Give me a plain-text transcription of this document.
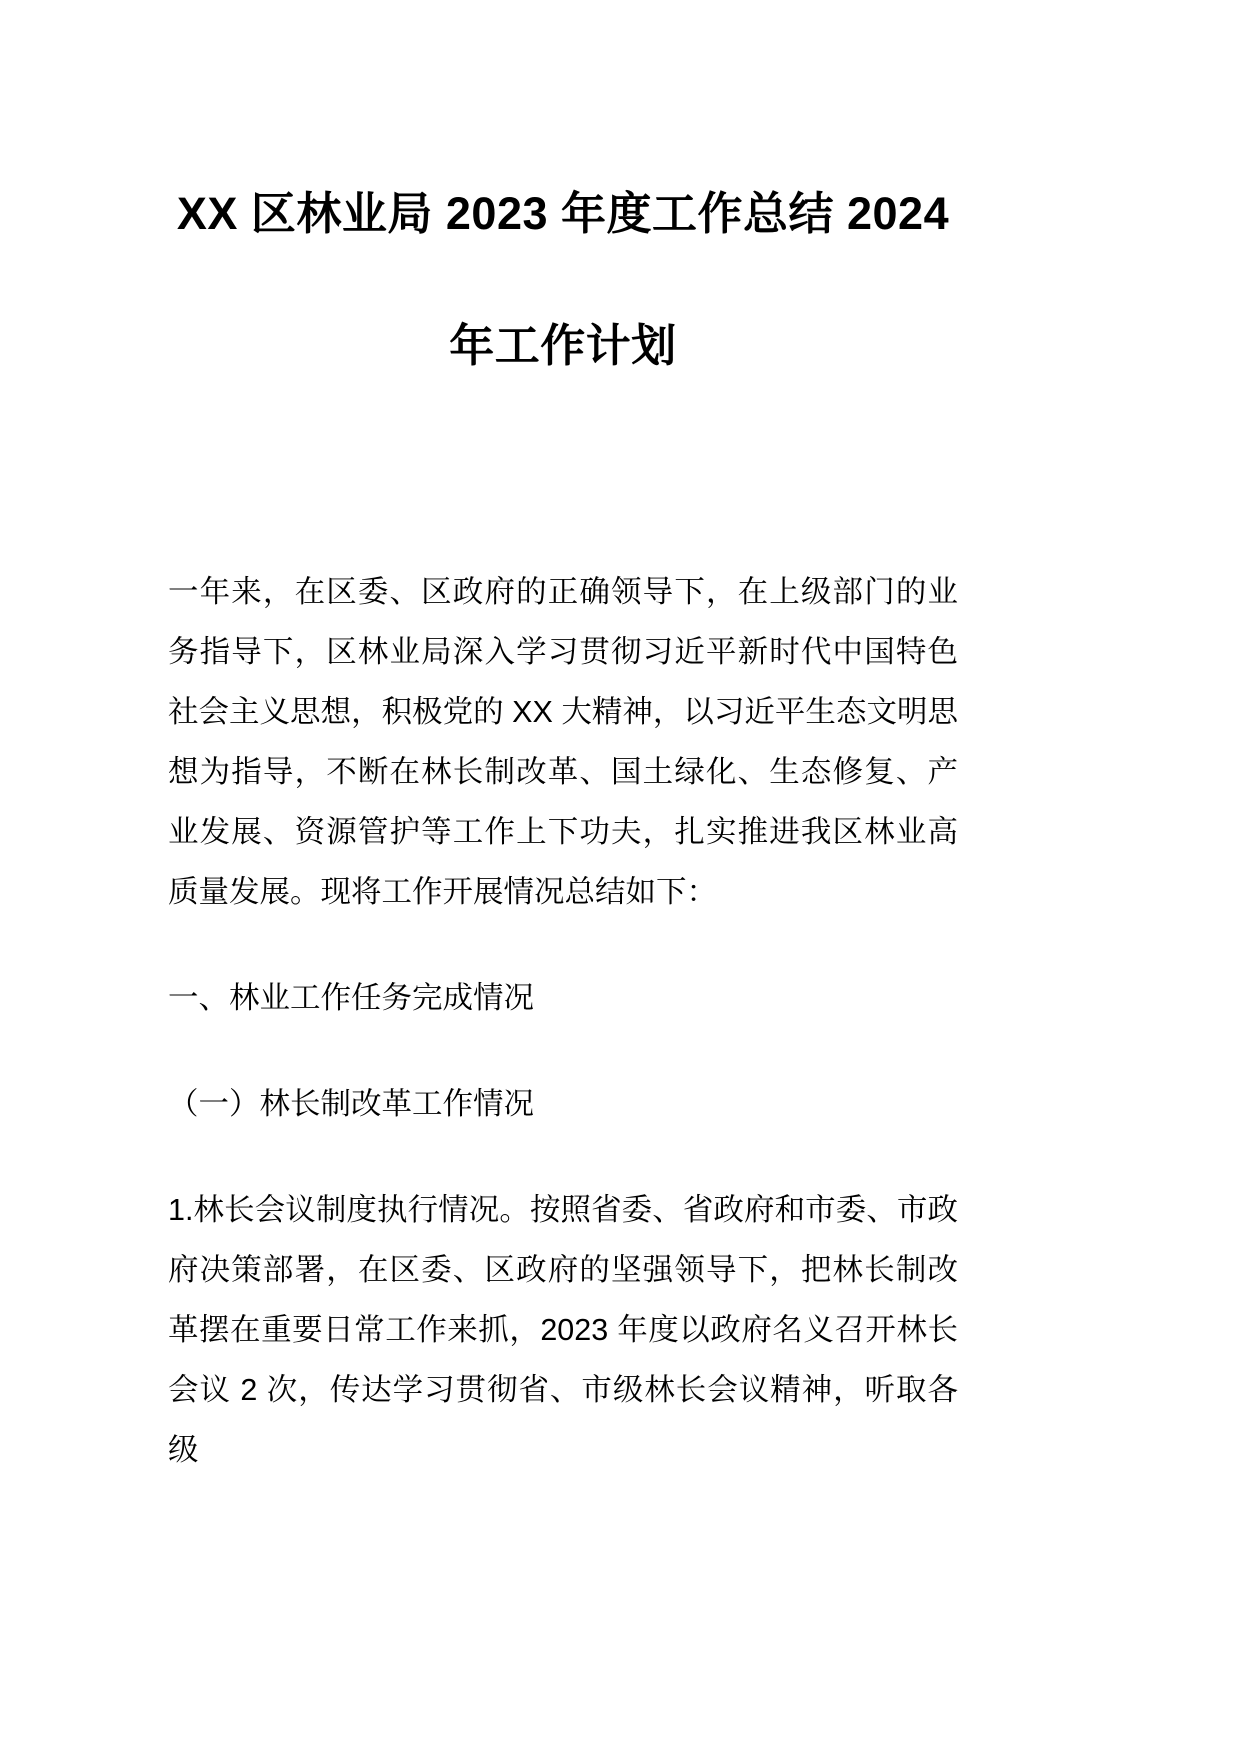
XX 区林业局 2023 年度工作总结 2024 年工作计划

一年来，在区委、区政府的正确领导下，在上级部门的业务指导下，区林业局深入学习贯彻习近平新时代中国特色社会主义思想，积极党的 XX 大精神，以习近平生态文明思想为指导，不断在林长制改革、国土绿化、生态修复、产业发展、资源管护等工作上下功夫，扎实推进我区林业高质量发展。现将工作开展情况总结如下：

一、林业工作任务完成情况

（一）林长制改革工作情况

1.林长会议制度执行情况。按照省委、省政府和市委、市政府决策部署，在区委、区政府的坚强领导下，把林长制改革摆在重要日常工作来抓，2023 年度以政府名义召开林长会议 2 次，传达学习贯彻省、市级林长会议精神，听取各级
